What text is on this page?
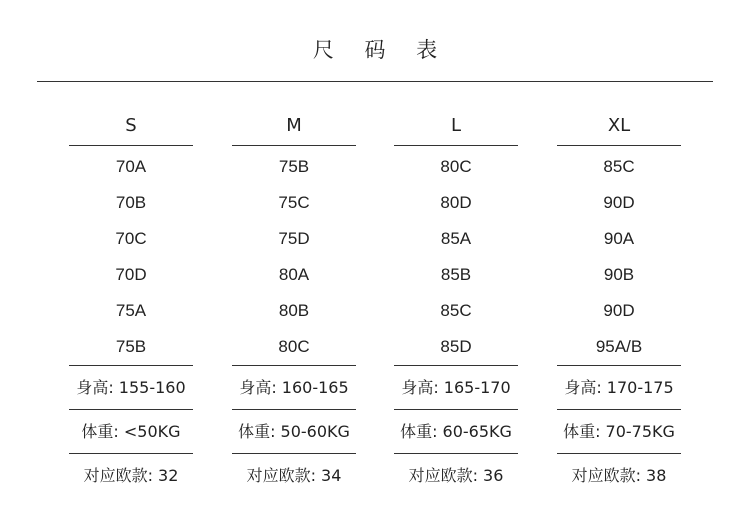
尺 码 表
S
70A
70B
70C
70D
75A
75B
身高: 155-160
体重: <50KG
对应欧款: 32
M
75B
75C
75D
80A
80B
80C
身高: 160-165
体重: 50-60KG
对应欧款: 34
L
80C
80D
85A
85B
85C
85D
身高: 165-170
体重: 60-65KG
对应欧款: 36
XL
85C
90D
90A
90B
90D
95A/B
身高: 170-175
体重: 70-75KG
对应欧款: 38
